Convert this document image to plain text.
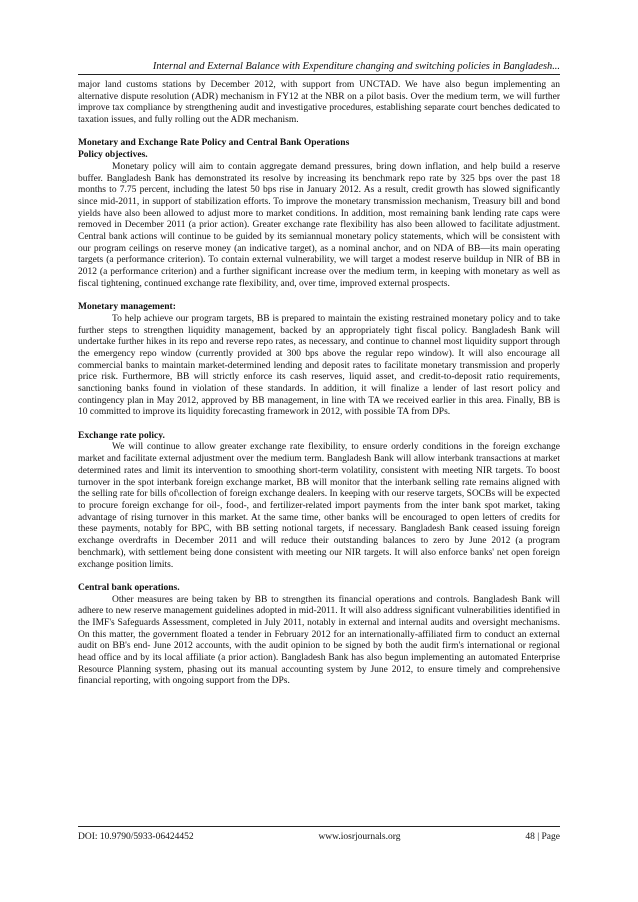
Internal and External Balance with Expenditure changing and switching policies in Bangladesh...

major land customs stations by December 2012, with support from UNCTAD. We have also begun implementing an alternative dispute resolution (ADR) mechanism in FY12 at the NBR on a pilot basis. Over the medium term, we will further improve tax compliance by strengthening audit and investigative procedures, establishing separate court benches dedicated to taxation issues, and fully rolling out the ADR mechanism.

Monetary and Exchange Rate Policy and Central Bank Operations
Policy objectives.

Monetary policy will aim to contain aggregate demand pressures, bring down inflation, and help build a reserve buffer. Bangladesh Bank has demonstrated its resolve by increasing its benchmark repo rate by 325 bps over the past 18 months to 7.75 percent, including the latest 50 bps rise in January 2012. As a result, credit growth has slowed significantly since mid-2011, in support of stabilization efforts. To improve the monetary transmission mechanism, Treasury bill and bond yields have also been allowed to adjust more to market conditions. In addition, most remaining bank lending rate caps were removed in December 2011 (a prior action). Greater exchange rate flexibility has also been allowed to facilitate adjustment. Central bank actions will continue to be guided by its semiannual monetary policy statements, which will be consistent with our program ceilings on reserve money (an indicative target), as a nominal anchor, and on NDA of BB—its main operating targets (a performance criterion). To contain external vulnerability, we will target a modest reserve buildup in NIR of BB in 2012 (a performance criterion) and a further significant increase over the medium term, in keeping with monetary as well as fiscal tightening, continued exchange rate flexibility, and, over time, improved external prospects.

Monetary management:

To help achieve our program targets, BB is prepared to maintain the existing restrained monetary policy and to take further steps to strengthen liquidity management, backed by an appropriately tight fiscal policy. Bangladesh Bank will undertake further hikes in its repo and reverse repo rates, as necessary, and continue to channel most liquidity support through the emergency repo window (currently provided at 300 bps above the regular repo window). It will also encourage all commercial banks to maintain market-determined lending and deposit rates to facilitate monetary transmission and properly price risk. Furthermore, BB will strictly enforce its cash reserves, liquid asset, and credit-to-deposit ratio requirements, sanctioning banks found in violation of these standards. In addition, it will finalize a lender of last resort policy and contingency plan in May 2012, approved by BB management, in line with TA we received earlier in this area. Finally, BB is 10 committed to improve its liquidity forecasting framework in 2012, with possible TA from DPs.

Exchange rate policy.

We will continue to allow greater exchange rate flexibility, to ensure orderly conditions in the foreign exchange market and facilitate external adjustment over the medium term. Bangladesh Bank will allow interbank transactions at market determined rates and limit its intervention to smoothing short-term volatility, consistent with meeting NIR targets. To boost turnover in the spot interbank foreign exchange market, BB will monitor that the interbank selling rate remains aligned with the selling rate for bills of\collection of foreign exchange dealers. In keeping with our reserve targets, SOCBs will be expected to procure foreign exchange for oil-, food-, and fertilizer-related import payments from the inter bank spot market, taking advantage of rising turnover in this market. At the same time, other banks will be encouraged to open letters of credits for these payments, notably for BPC, with BB setting notional targets, if necessary. Bangladesh Bank ceased issuing foreign exchange overdrafts in December 2011 and will reduce their outstanding balances to zero by June 2012 (a program benchmark), with settlement being done consistent with meeting our NIR targets. It will also enforce banks' net open foreign exchange position limits.

Central bank operations.

Other measures are being taken by BB to strengthen its financial operations and controls. Bangladesh Bank will adhere to new reserve management guidelines adopted in mid-2011. It will also address significant vulnerabilities identified in the IMF's Safeguards Assessment, completed in July 2011, notably in external and internal audits and oversight mechanisms. On this matter, the government floated a tender in February 2012 for an internationally-affiliated firm to conduct an external audit on BB's end- June 2012 accounts, with the audit opinion to be signed by both the audit firm's international or regional head office and by its local affiliate (a prior action). Bangladesh Bank has also begun implementing an automated Enterprise Resource Planning system, phasing out its manual accounting system by June 2012, to ensure timely and comprehensive financial reporting, with ongoing support from the DPs.

DOI: 10.9790/5933-06424452	www.iosrjournals.org	48 | Page
